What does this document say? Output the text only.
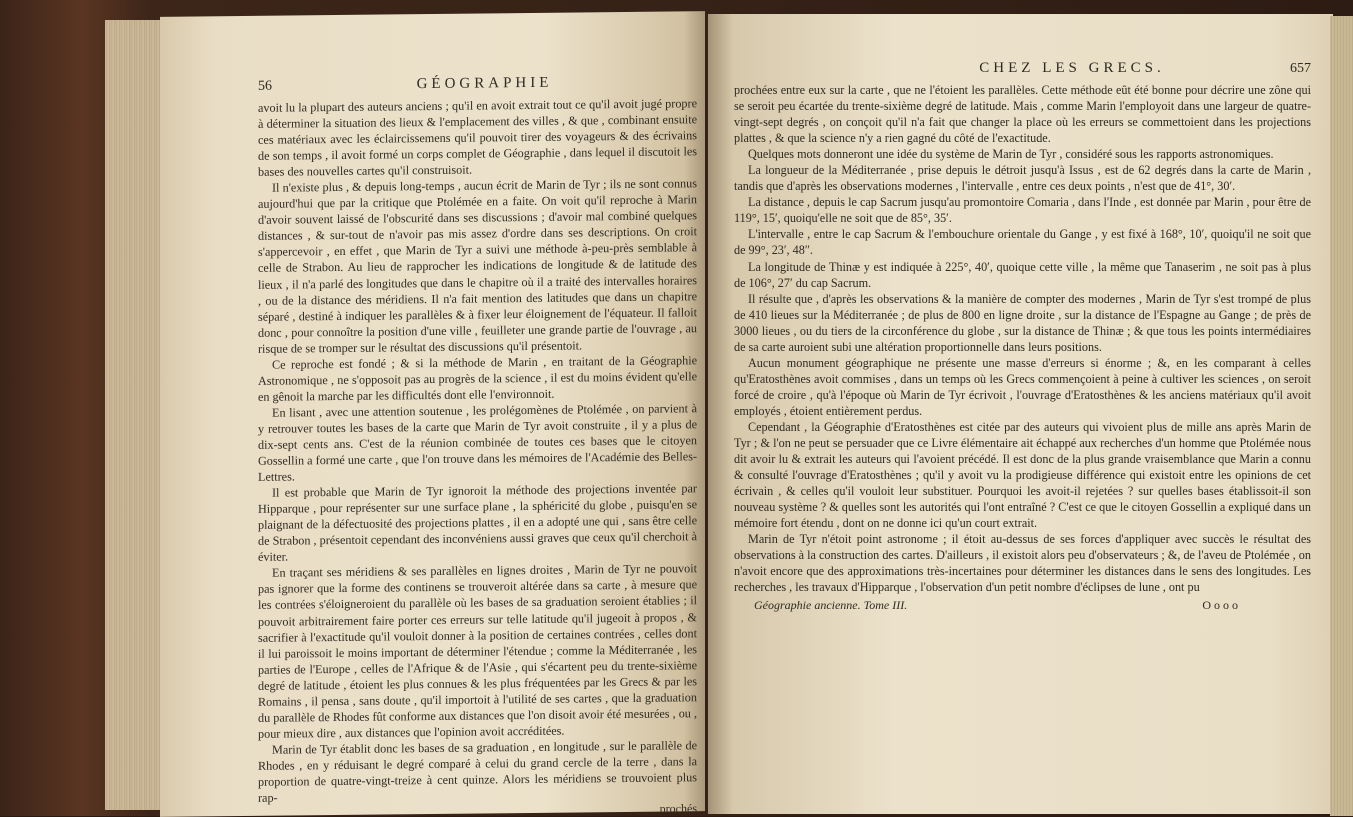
56	GÉOGRAPHIE

avoit lu la plupart des auteurs anciens ; qu'il en avoit extrait tout ce qu'il avoit jugé propre à déterminer la situation des lieux & l'emplacement des villes , & que , combinant ensuite ces matériaux avec les éclaircissemens qu'il pouvoit tirer des voyageurs & des écrivains de son temps , il avoit formé un corps complet de Géographie , dans lequel il discutoit les bases des nouvelles cartes qu'il construisoit.

Il n'existe plus , & depuis long-temps , aucun écrit de Marin de Tyr ; ils ne sont connus aujourd'hui que par la critique que Ptolémée en a faite. On voit qu'il reproche à Marin d'avoir souvent laissé de l'obscurité dans ses discussions ; d'avoir mal combiné quelques distances , & sur-tout de n'avoir pas mis assez d'ordre dans ses descriptions. On croit s'appercevoir , en effet , que Marin de Tyr a suivi une méthode à-peu-près semblable à celle de Strabon. Au lieu de rapprocher les indications de longitude & de latitude des lieux , il n'a parlé des longitudes que dans le chapitre où il a traité des intervalles horaires , ou de la distance des méridiens. Il n'a fait mention des latitudes que dans un chapitre séparé , destiné à indiquer les parallèles & à fixer leur éloignement de l'équateur. Il falloit donc , pour connoître la position d'une ville , feuilleter une grande partie de l'ouvrage , au risque de se tromper sur le résultat des discussions qu'il présentoit.

Ce reproche est fondé ; & si la méthode de Marin , en traitant de la Géographie Astronomique , ne s'opposoit pas au progrès de la science , il est du moins évident qu'elle en gênoit la marche par les difficultés dont elle l'environnoit.

En lisant , avec une attention soutenue , les prolégomènes de Ptolémée , on parvient à y retrouver toutes les bases de la carte que Marin de Tyr avoit construite , il y a plus de dix-sept cents ans. C'est de la réunion combinée de toutes ces bases que le citoyen Gossellin a formé une carte , que l'on trouve dans les mémoires de l'Académie des Belles-Lettres.

Il est probable que Marin de Tyr ignoroit la méthode des projections inventée par Hipparque , pour représenter sur une surface plane , la sphéricité du globe , puisqu'en se plaignant de la défectuosité des projections plattes , il en a adopté une qui , sans être celle de Strabon , présentoit cependant des inconvéniens aussi graves que ceux qu'il cherchoit à éviter.

En traçant ses méridiens & ses parallèles en lignes droites , Marin de Tyr ne pouvoit pas ignorer que la forme des continens se trouveroit altérée dans sa carte , à mesure que les contrées s'éloigneroient du parallèle où les bases de sa graduation seroient établies ; il pouvoit arbitrairement faire porter ces erreurs sur telle latitude qu'il jugeoit à propos , & sacrifier à l'exactitude qu'il vouloit donner à la position de certaines contrées , celles dont il lui paroissoit le moins important de déterminer l'étendue ; comme la Méditerranée , les parties de l'Europe , celles de l'Afrique & de l'Asie , qui s'écartent peu du trente-sixième degré de latitude , étoient les plus connues & les plus fréquentées par les Grecs & par les Romains , il pensa , sans doute , qu'il importoit à l'utilité de ses cartes , que la graduation du parallèle de Rhodes fût conforme aux distances que l'on disoit avoir été mesurées , ou , pour mieux dire , aux distances que l'opinion avoit accréditées.

Marin de Tyr établit donc les bases de sa graduation , en longitude , sur le parallèle de Rhodes , en y réduisant le degré comparé à celui du grand cercle de la terre , dans la proportion de quatre-vingt-treize à cent quinze. Alors les méridiens se trouvoient plus rap-

prochés
CHEZ LES GRECS.	657

prochées entre eux sur la carte , que ne l'étoient les parallèles. Cette méthode eût été bonne pour décrire une zône qui se seroit peu écartée du trente-sixième degré de latitude. Mais , comme Marin l'employoit dans une largeur de quatre-vingt-sept degrés , on conçoit qu'il n'a fait que changer la place où les erreurs se commettoient dans les projections plattes , & que la science n'y a rien gagné du côté de l'exactitude.

Quelques mots donneront une idée du système de Marin de Tyr , considéré sous les rapports astronomiques.

La longueur de la Méditerranée , prise depuis le détroit jusqu'à Issus , est de 62 degrés dans la carte de Marin , tandis que d'après les observations modernes , l'intervalle , entre ces deux points , n'est que de 41°, 30′.

La distance , depuis le cap Sacrum jusqu'au promontoire Comaria , dans l'Inde , est donnée par Marin , pour être de 119°, 15′, quoiqu'elle ne soit que de 85°, 35′.

L'intervalle , entre le cap Sacrum & l'embouchure orientale du Gange , y est fixé à 168°, 10′, quoiqu'il ne soit que de 99°, 23′, 48″.

La longitude de Thinæ y est indiquée à 225°, 40′, quoique cette ville , la même que Tanaserim , ne soit pas à plus de 106°, 27′ du cap Sacrum.

Il résulte que , d'après les observations & la manière de compter des modernes , Marin de Tyr s'est trompé de plus de 410 lieues sur la Méditerranée ; de plus de 800 en ligne droite , sur la distance de l'Espagne au Gange ; de près de 3000 lieues , ou du tiers de la circonférence du globe , sur la distance de Thinæ ; & que tous les points intermédiaires de sa carte auroient subi une altération proportionnelle dans leurs positions.

Aucun monument géographique ne présente une masse d'erreurs si énorme ; &, en les comparant à celles qu'Eratosthènes avoit commises , dans un temps où les Grecs commençoient à peine à cultiver les sciences , on seroit forcé de croire , qu'à l'époque où Marin de Tyr écrivoit , l'ouvrage d'Eratosthènes & les anciens matériaux qu'il avoit employés , étoient entièrement perdus.

Cependant , la Géographie d'Eratosthènes est citée par des auteurs qui vivoient plus de mille ans après Marin de Tyr ; & l'on ne peut se persuader que ce Livre élémentaire ait échappé aux recherches d'un homme que Ptolémée nous dit avoir lu & extrait les auteurs qui l'avoient précédé. Il est donc de la plus grande vraisemblance que Marin a connu & consulté l'ouvrage d'Eratosthènes ; qu'il y avoit vu la prodigieuse différence qui existoit entre les opinions de cet écrivain , & celles qu'il vouloit leur substituer. Pourquoi les avoit-il rejetées ? sur quelles bases établissoit-il son nouveau système ? & quelles sont les autorités qui l'ont entraîné ? C'est ce que le citoyen Gossellin a expliqué dans un mémoire fort étendu , dont on ne donne ici qu'un court extrait.

Marin de Tyr n'étoit point astronome ; il étoit au-dessus de ses forces d'appliquer avec succès le résultat des observations à la construction des cartes. D'ailleurs , il existoit alors peu d'observateurs ; &, de l'aveu de Ptolémée , on n'avoit encore que des approximations très-incertaines pour déterminer les distances dans le sens des longitudes. Les recherches , les travaux d'Hipparque , l'observation d'un petit nombre d'éclipses de lune , ont pu

Géographie ancienne. Tome III.	Oooo
